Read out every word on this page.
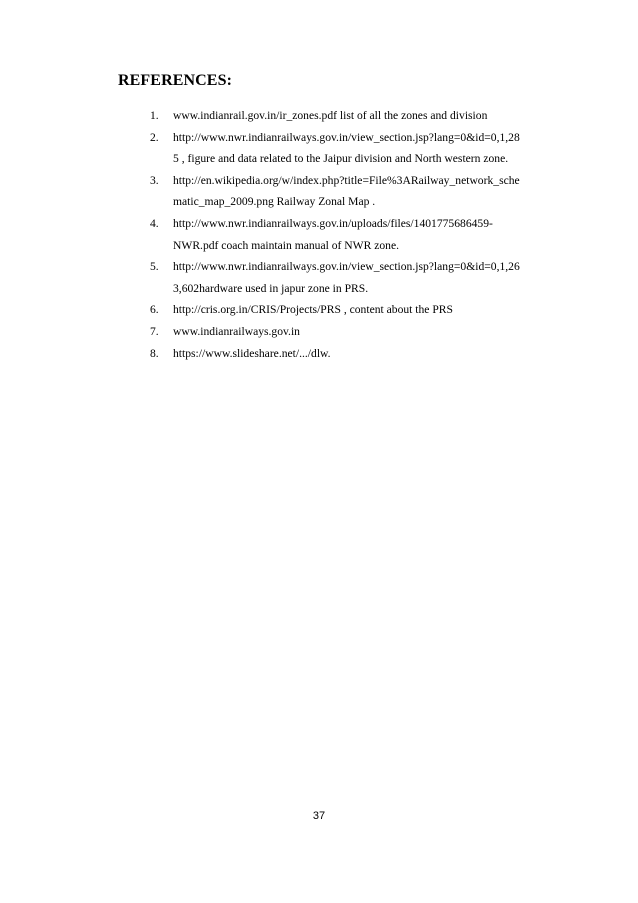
REFERENCES:
1.	www.indianrail.gov.in/ir_zones.pdf list of all the zones and division
2.	http://www.nwr.indianrailways.gov.in/view_section.jsp?lang=0&id=0,1,28
5 , figure and data related to the Jaipur division and North western zone.
3.	http://en.wikipedia.org/w/index.php?title=File%3ARailway_network_sche
matic_map_2009.png Railway Zonal Map .
4.	http://www.nwr.indianrailways.gov.in/uploads/files/1401775686459-
NWR.pdf coach maintain manual of NWR zone.
5.	http://www.nwr.indianrailways.gov.in/view_section.jsp?lang=0&id=0,1,26
3,602hardware used in japur zone in PRS.
6.	http://cris.org.in/CRIS/Projects/PRS , content about the PRS
7.	www.indianrailways.gov.in
8.	https://www.slideshare.net/.../dlw.
37
